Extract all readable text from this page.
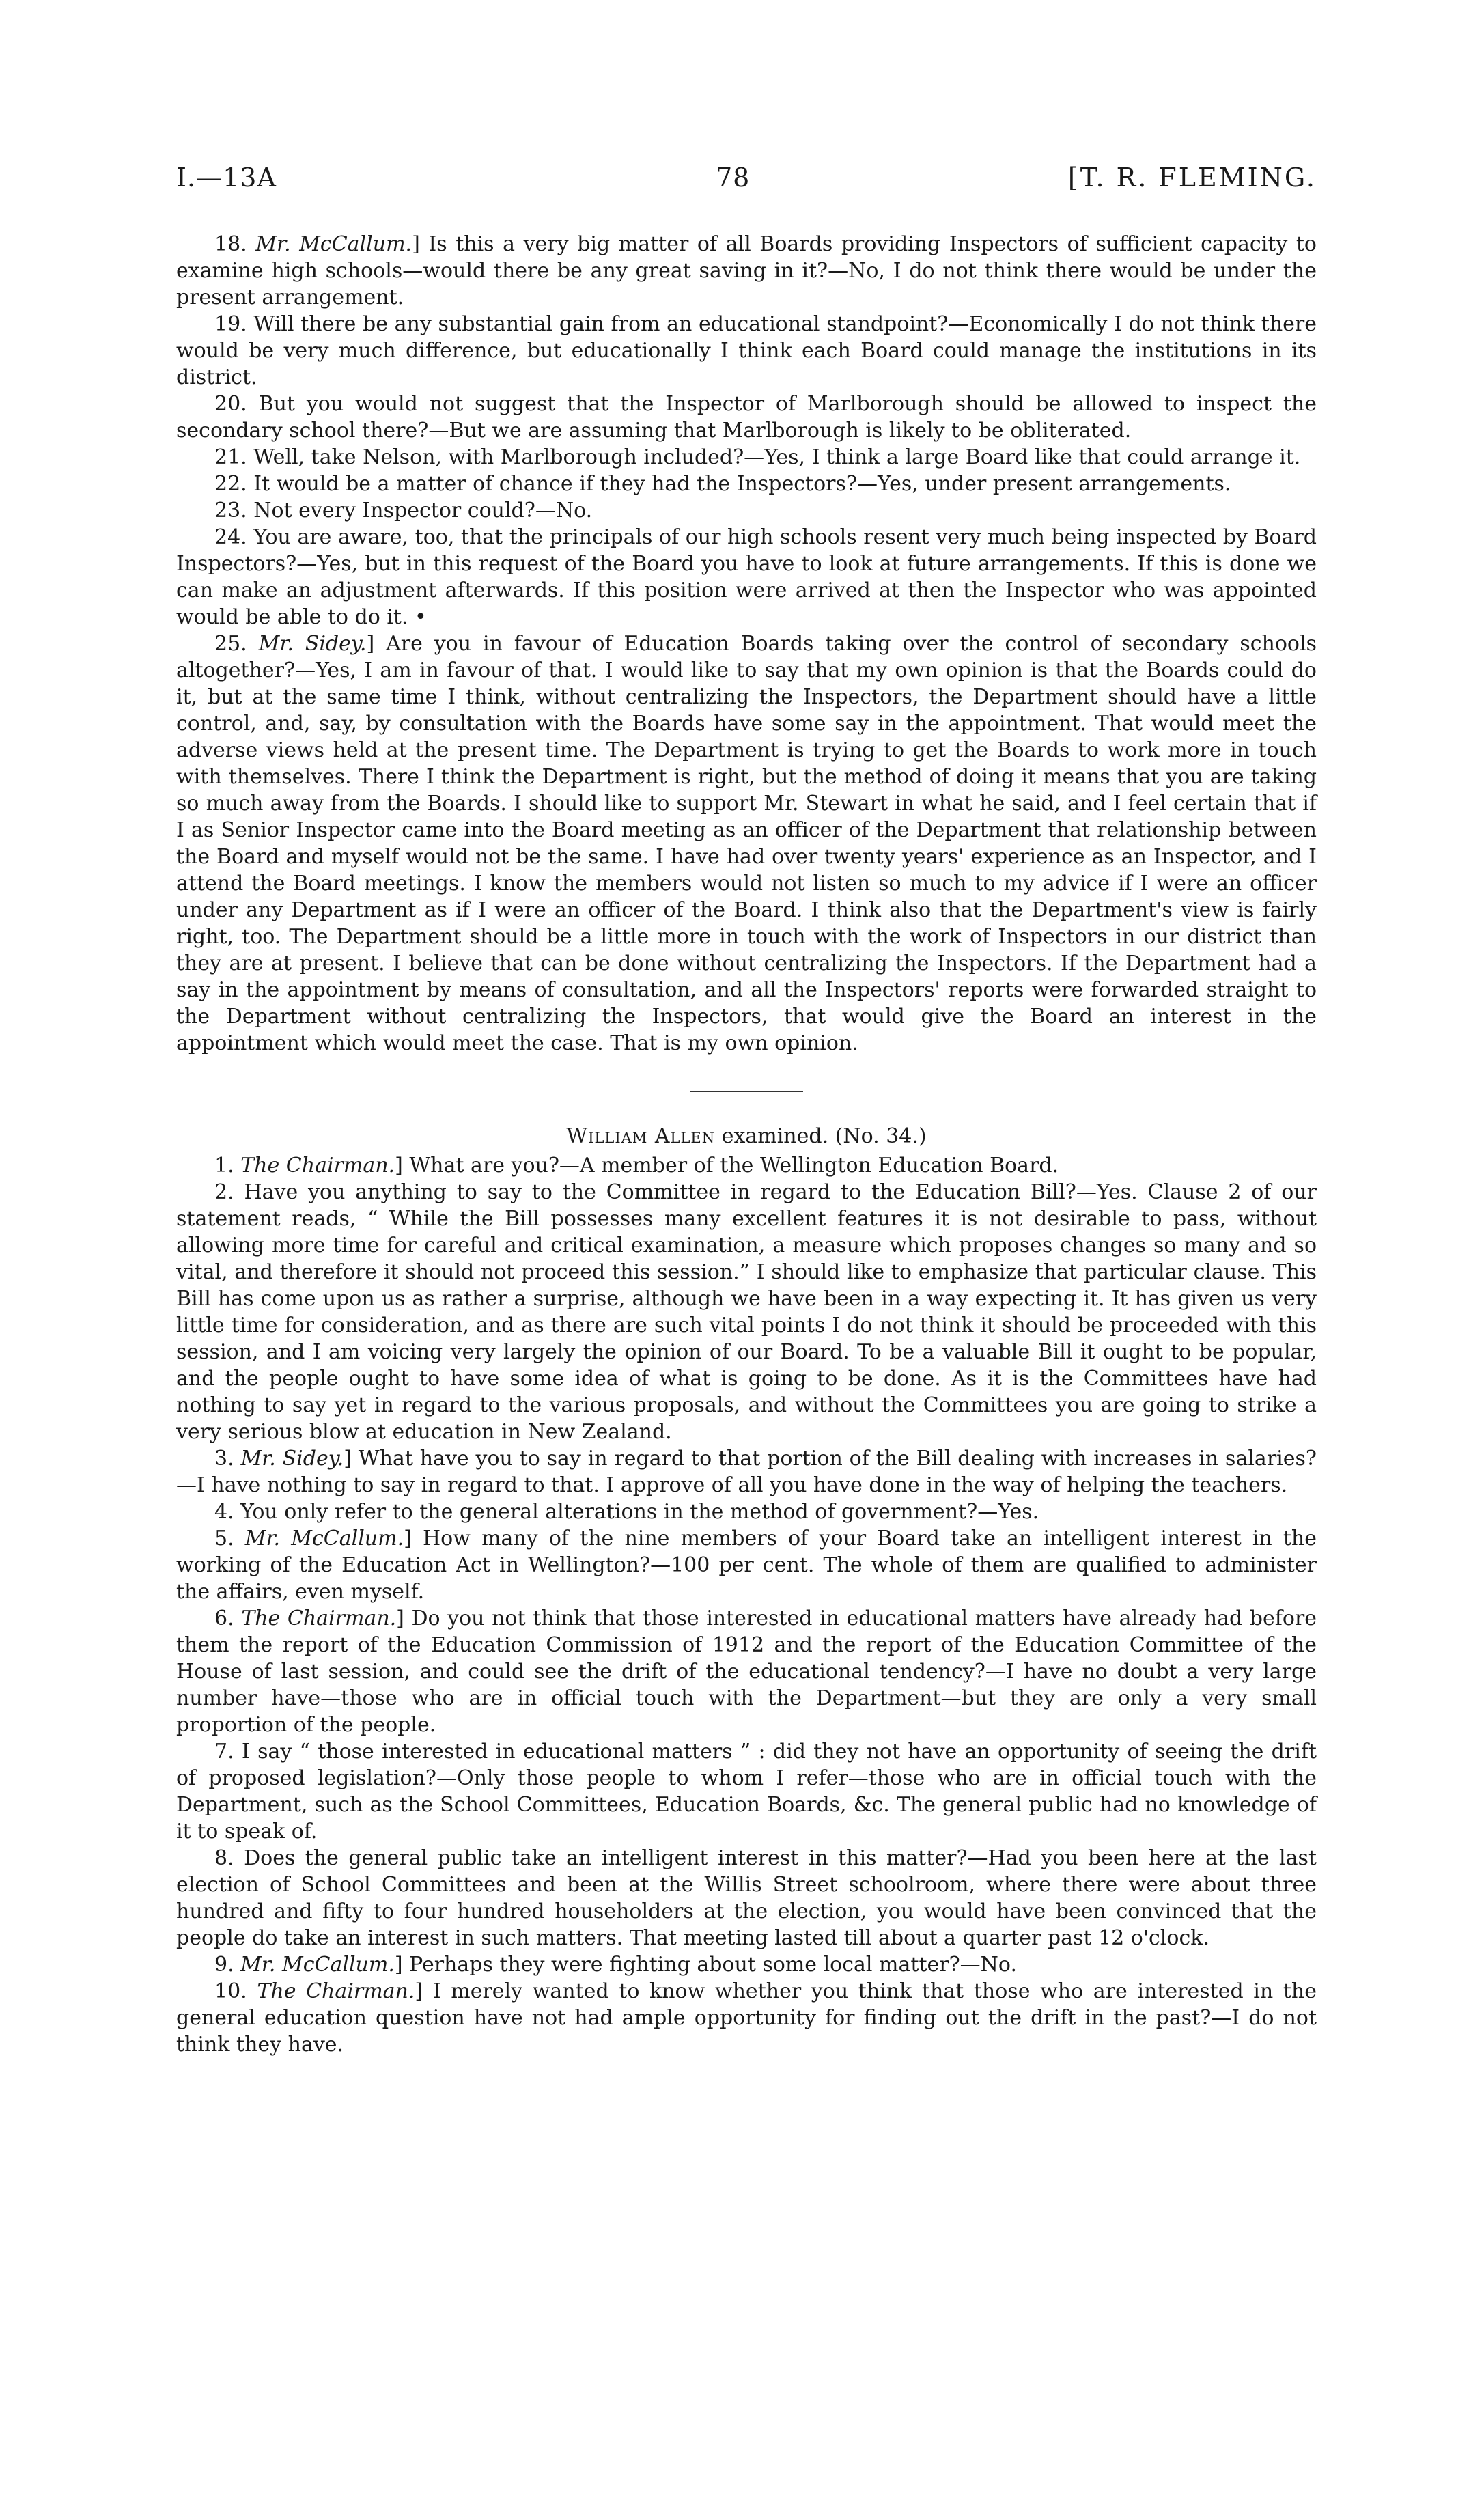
I.—13A	78	[T. R. FLEMING.

18. Mr. McCallum.] Is this a very big matter of all Boards providing Inspectors of sufficient capacity to examine high schools—would there be any great saving in it?—No, I do not think there would be under the present arrangement.

19. Will there be any substantial gain from an educational standpoint?—Economically I do not think there would be very much difference, but educationally I think each Board could manage the institutions in its district.

20. But you would not suggest that the Inspector of Marlborough should be allowed to inspect the secondary school there?—But we are assuming that Marlborough is likely to be obliterated.

21. Well, take Nelson, with Marlborough included?—Yes, I think a large Board like that could arrange it.

22. It would be a matter of chance if they had the Inspectors?—Yes, under present arrangements.

23. Not every Inspector could?—No.

24. You are aware, too, that the principals of our high schools resent very much being inspected by Board Inspectors?—Yes, but in this request of the Board you have to look at future arrangements. If this is done we can make an adjustment afterwards. If this position were arrived at then the Inspector who was appointed would be able to do it. •

25. Mr. Sidey.] Are you in favour of Education Boards taking over the control of secondary schools altogether?—Yes, I am in favour of that. I would like to say that my own opinion is that the Boards could do it, but at the same time I think, without centralizing the Inspectors, the Department should have a little control, and, say, by consultation with the Boards have some say in the appointment. That would meet the adverse views held at the present time. The Department is trying to get the Boards to work more in touch with themselves. There I think the Department is right, but the method of doing it means that you are taking so much away from the Boards. I should like to support Mr. Stewart in what he said, and I feel certain that if I as Senior Inspector came into the Board meeting as an officer of the Department that relationship between the Board and myself would not be the same. I have had over twenty years' experience as an Inspector, and I attend the Board meetings. I know the members would not listen so much to my advice if I were an officer under any Department as if I were an officer of the Board. I think also that the Department's view is fairly right, too. The Department should be a little more in touch with the work of Inspectors in our district than they are at present. I believe that can be done without centralizing the Inspectors. If the Department had a say in the appointment by means of consultation, and all the Inspectors' reports were forwarded straight to the Department without centralizing the Inspectors, that would give the Board an interest in the appointment which would meet the case. That is my own opinion.

William Allen examined. (No. 34.)

1. The Chairman.] What are you?—A member of the Wellington Education Board.

2. Have you anything to say to the Committee in regard to the Education Bill?—Yes. Clause 2 of our statement reads, “ While the Bill possesses many excellent features it is not desirable to pass, without allowing more time for careful and critical examination, a measure which proposes changes so many and so vital, and therefore it should not proceed this session.” I should like to emphasize that particular clause. This Bill has come upon us as rather a surprise, although we have been in a way expecting it. It has given us very little time for consideration, and as there are such vital points I do not think it should be proceeded with this session, and I am voicing very largely the opinion of our Board. To be a valuable Bill it ought to be popular, and the people ought to have some idea of what is going to be done. As it is the Committees have had nothing to say yet in regard to the various proposals, and without the Committees you are going to strike a very serious blow at education in New Zealand.

3. Mr. Sidey.] What have you to say in regard to that portion of the Bill dealing with increases in salaries?—I have nothing to say in regard to that. I approve of all you have done in the way of helping the teachers.

4. You only refer to the general alterations in the method of government?—Yes.

5. Mr. McCallum.] How many of the nine members of your Board take an intelligent interest in the working of the Education Act in Wellington?—100 per cent. The whole of them are qualified to administer the affairs, even myself.

6. The Chairman.] Do you not think that those interested in educational matters have already had before them the report of the Education Commission of 1912 and the report of the Education Committee of the House of last session, and could see the drift of the educational tendency?—I have no doubt a very large number have—those who are in official touch with the Department—but they are only a very small proportion of the people.

7. I say “ those interested in educational matters ” : did they not have an opportunity of seeing the drift of proposed legislation?—Only those people to whom I refer—those who are in official touch with the Department, such as the School Committees, Education Boards, &c. The general public had no knowledge of it to speak of.

8. Does the general public take an intelligent interest in this matter?—Had you been here at the last election of School Committees and been at the Willis Street schoolroom, where there were about three hundred and fifty to four hundred householders at the election, you would have been convinced that the people do take an interest in such matters. That meeting lasted till about a quarter past 12 o'clock.

9. Mr. McCallum.] Perhaps they were fighting about some local matter?—No.

10. The Chairman.] I merely wanted to know whether you think that those who are interested in the general education question have not had ample opportunity for finding out the drift in the past?—I do not think they have.
